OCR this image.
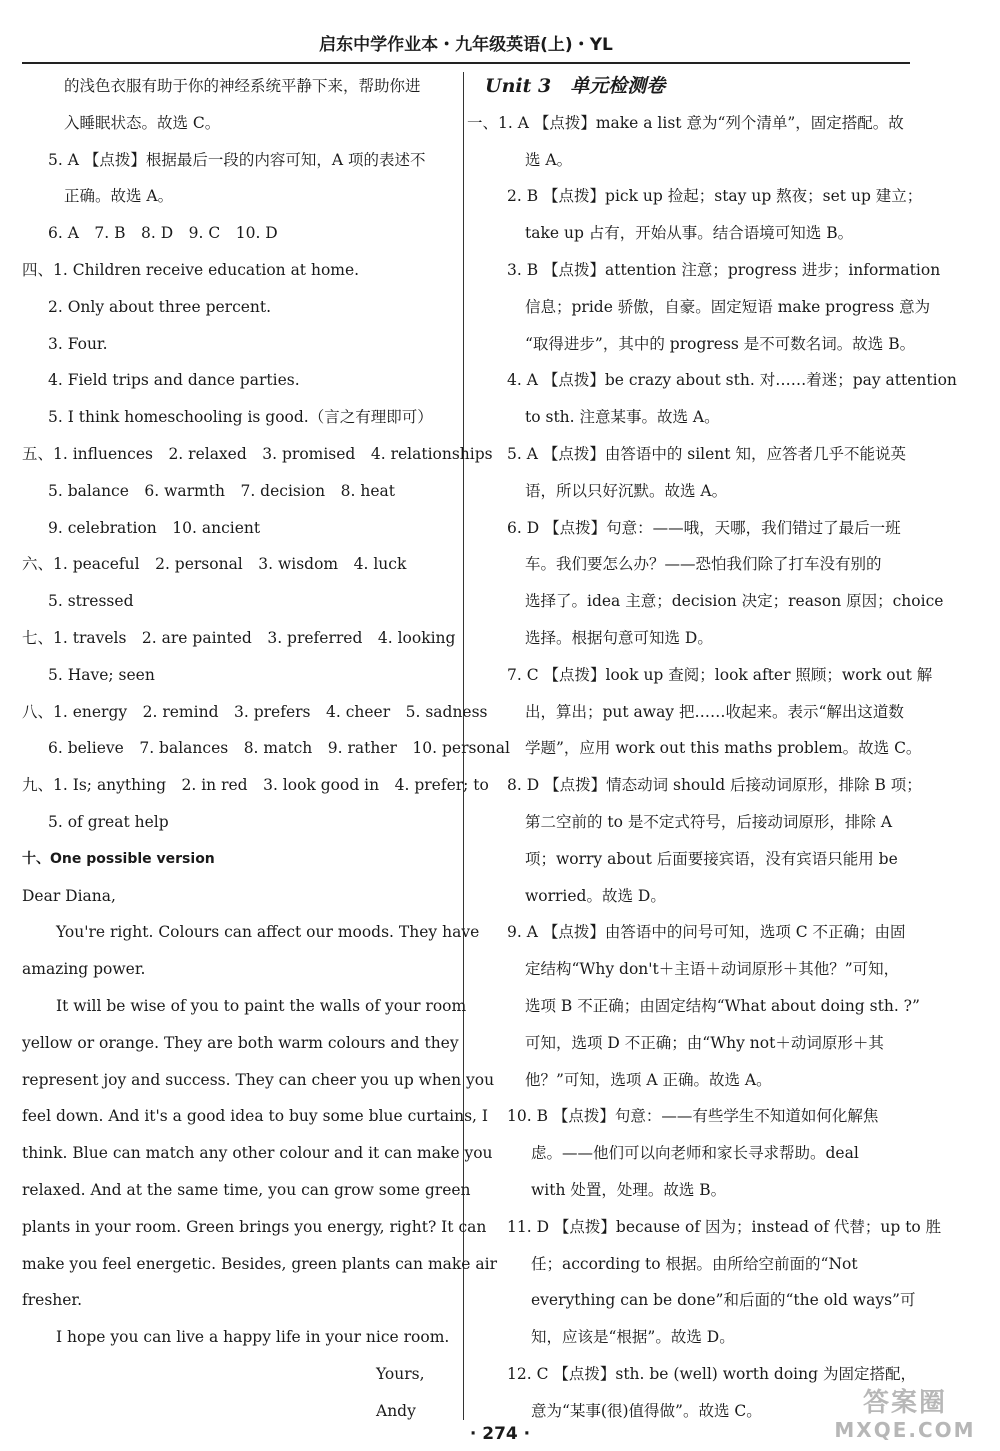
启东中学作业本・九年级英语(上)・YL
的浅色衣服有助于你的神经系统平静下来，帮助你进
入睡眠状态。故选 C。
5. A 【点拨】根据最后一段的内容可知，A 项的表述不
正确。故选 A。
6. A　7. B　8. D　9. C　10. D
四、1. Children receive education at home.
2. Only about three percent.
3. Four.
4. Field trips and dance parties.
5. I think homeschooling is good.（言之有理即可）
五、1. influences　2. relaxed　3. promised　4. relationships
5. balance　6. warmth　7. decision　8. heat
9. celebration　10. ancient
六、1. peaceful　2. personal　3. wisdom　4. luck
5. stressed
七、1. travels　2. are painted　3. preferred　4. looking
5. Have; seen
八、1. energy　2. remind　3. prefers　4. cheer　5. sadness
6. believe　7. balances　8. match　9. rather　10. personal
九、1. Is; anything　2. in red　3. look good in　4. prefer; to
5. of great help
十、One possible version
Dear Diana,
You're right. Colours can affect our moods. They have
amazing power.
It will be wise of you to paint the walls of your room
yellow or orange. They are both warm colours and they
represent joy and success. They can cheer you up when you
feel down. And it's a good idea to buy some blue curtains, I
think. Blue can match any other colour and it can make you
relaxed. And at the same time, you can grow some green
plants in your room. Green brings you energy, right? It can
make you feel energetic. Besides, green plants can make air
fresher.
I hope you can live a happy life in your nice room.
Yours,
Andy
Unit 3　单元检测卷
一、1. A 【点拨】make a list 意为“列个清单”，固定搭配。故
选 A。
2. B 【点拨】pick up 捡起；stay up 熬夜；set up 建立；
take up 占有，开始从事。结合语境可知选 B。
3. B 【点拨】attention 注意；progress 进步；information
信息；pride 骄傲，自豪。固定短语 make progress 意为
“取得进步”，其中的 progress 是不可数名词。故选 B。
4. A 【点拨】be crazy about sth. 对……着迷；pay attention
to sth. 注意某事。故选 A。
5. A 【点拨】由答语中的 silent 知，应答者几乎不能说英
语，所以只好沉默。故选 A。
6. D 【点拨】句意：——哦，天哪，我们错过了最后一班
车。我们要怎么办？——恐怕我们除了打车没有别的
选择了。idea 主意；decision 决定；reason 原因；choice
选择。根据句意可知选 D。
7. C 【点拨】look up 查阅；look after 照顾；work out 解
出，算出；put away 把……收起来。表示“解出这道数
学题”，应用 work out this maths problem。故选 C。
8. D 【点拨】情态动词 should 后接动词原形，排除 B 项；
第二空前的 to 是不定式符号，后接动词原形，排除 A
项；worry about 后面要接宾语，没有宾语只能用 be
worried。故选 D。
9. A 【点拨】由答语中的问号可知，选项 C 不正确；由固
定结构“Why don't＋主语＋动词原形＋其他？”可知，
选项 B 不正确；由固定结构“What about doing sth. ?”
可知，选项 D 不正确；由“Why not＋动词原形＋其
他？”可知，选项 A 正确。故选 A。
10. B 【点拨】句意：——有些学生不知道如何化解焦
虑。——他们可以向老师和家长寻求帮助。deal
with 处置，处理。故选 B。
11. D 【点拨】because of 因为；instead of 代替；up to 胜
任；according to 根据。由所给空前面的“Not
everything can be done”和后面的“the old ways”可
知，应该是“根据”。故选 D。
12. C 【点拨】sth. be (well) worth doing 为固定搭配，
意为“某事(很)值得做”。故选 C。
· 274 ·
答案圈
MXQE.COM
